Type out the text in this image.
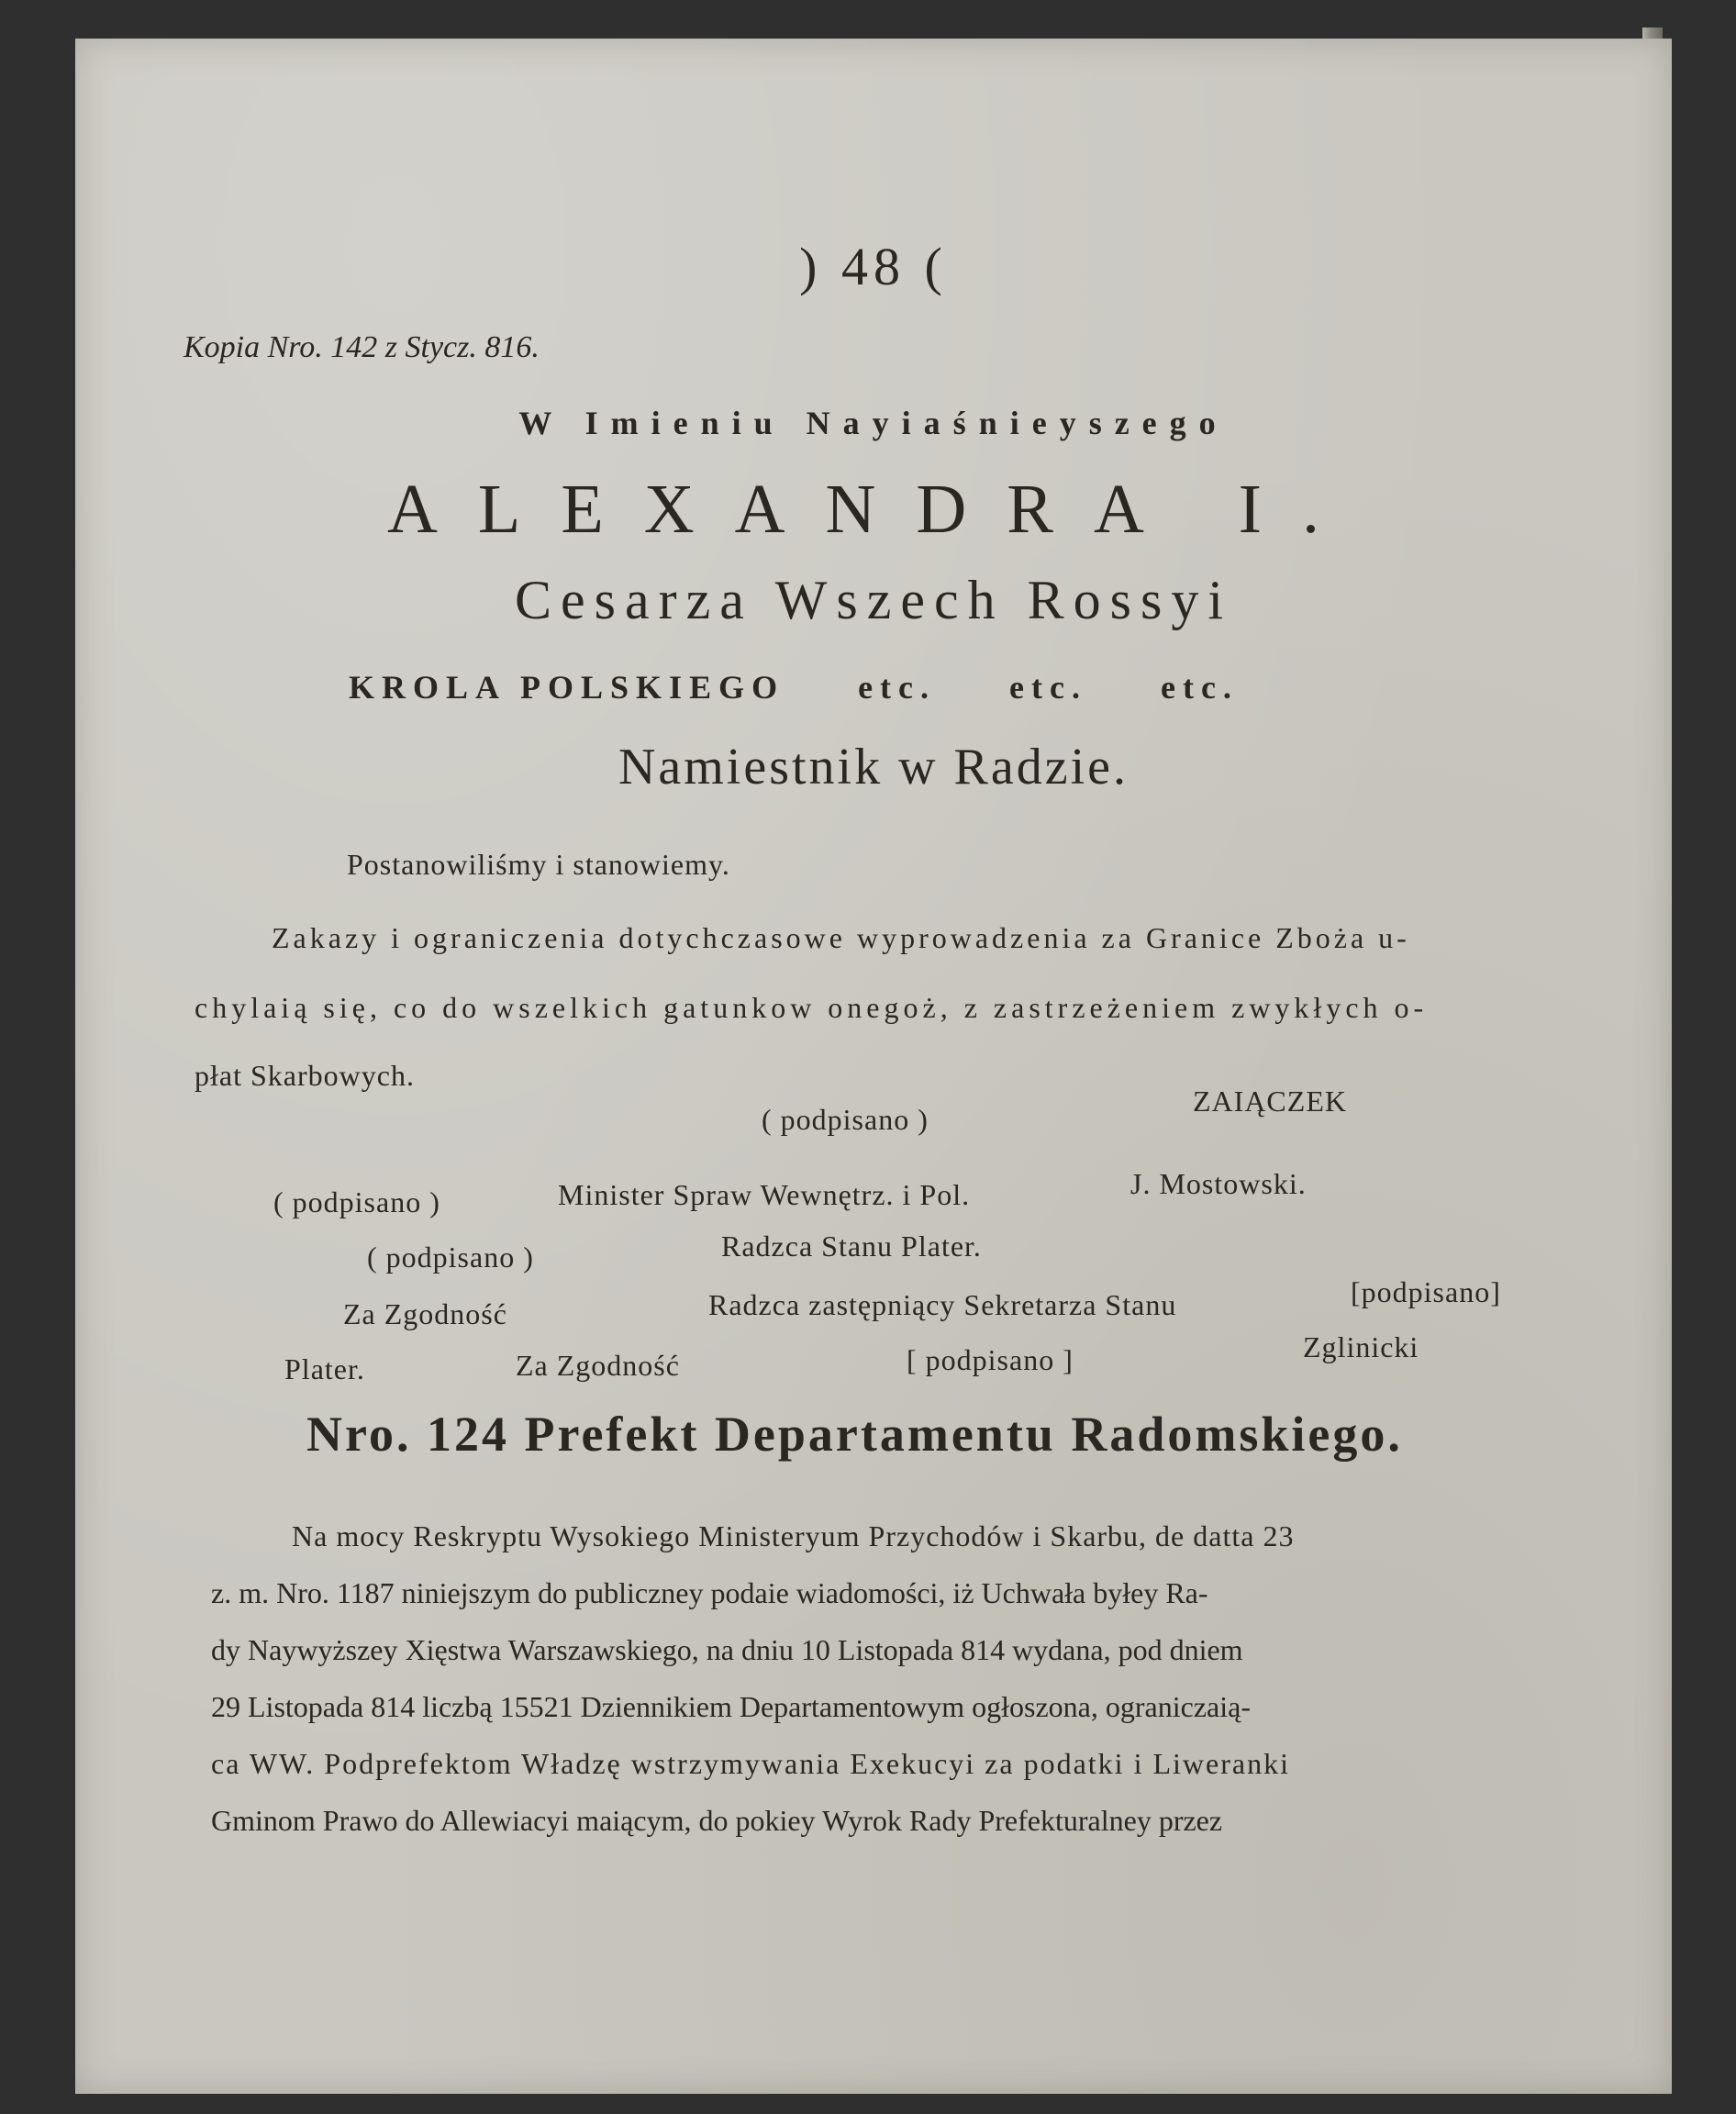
) 48 (
Kopia Nro. 142 z Stycz. 816.
W Imieniu Nayiaśnieyszego
ALEXANDRA I.
Cesarza Wszech Rossyi
KROLA POLSKIEGO etc. etc. etc.
Namiestnik w Radzie.
Postanowiliśmy i stanowiemy.
Zakazy i ograniczenia dotychczasowe wyprowadzenia za Granice Zboża u-
chylaią się, co do wszelkich gatunkow onegoż, z zastrzeżeniem zwykłych o-
płat Skarbowych.
( podpisano )
ZAIĄCZEK
( podpisano )	Minister Spraw Wewnętrz. i Pol.	J. Mostowski.
( podpisano )	Radzca Stanu Plater.
Za Zgodność	Radzca zastępniący Sekretarza Stanu	[podpisano]
Plater.	Za Zgodność	[ podpisano ]	Zglinicki
Nro. 124 Prefekt Departamentu Radomskiego.
Na mocy Reskryptu Wysokiego Ministeryum Przychodów i Skarbu, de datta 23
z. m. Nro. 1187 niniejszym do publiczney podaie wiadomości, iż Uchwała byłey Ra-
dy Naywyższey Xięstwa Warszawskiego, na dniu 10 Listopada 814 wydana, pod dniem
29 Listopada 814 liczbą 15521 Dziennikiem Departamentowym ogłoszona, ograniczaią-
ca WW. Podprefektom Władzę wstrzymywania Exekucyi za podatki i Liweranki
Gminom Prawo do Allewiacyi maiącym, do pokiey Wyrok Rady Prefekturalney przez
